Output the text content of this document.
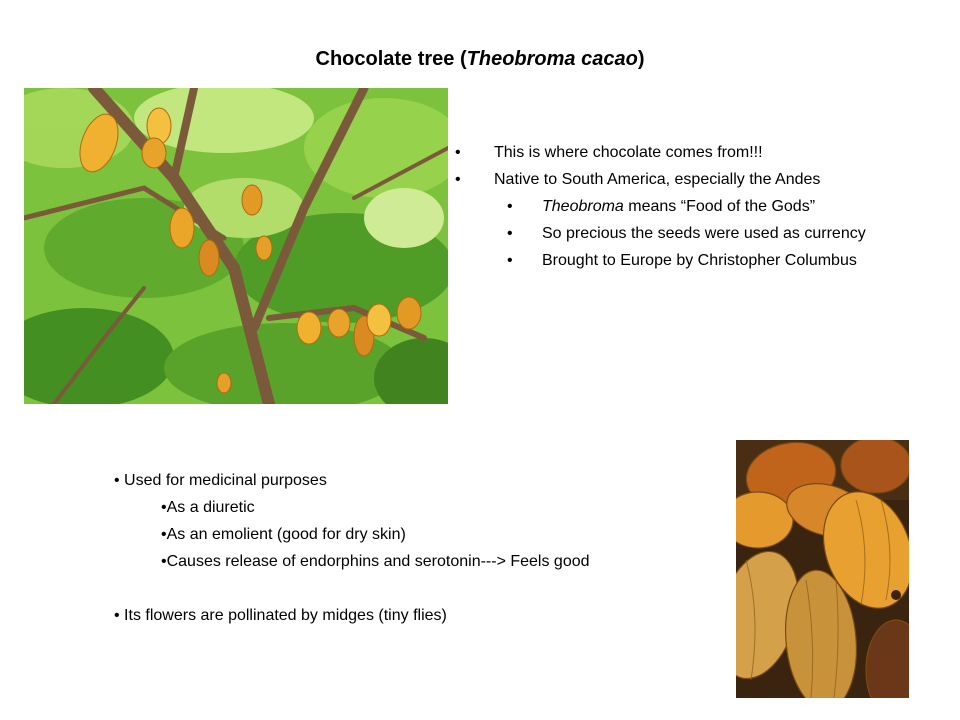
Chocolate tree (Theobroma cacao)
• This is where chocolate comes from!!!
• Native to South America, especially the Andes
• Theobroma means “Food of the Gods”
• So precious the seeds were used as currency
• Brought to Europe by Christopher Columbus
• Used for medicinal purposes
•As a diuretic
•As an emolient (good for dry skin)
•Causes release of endorphins and serotonin---> Feels good
• Its flowers are pollinated by midges (tiny flies)
